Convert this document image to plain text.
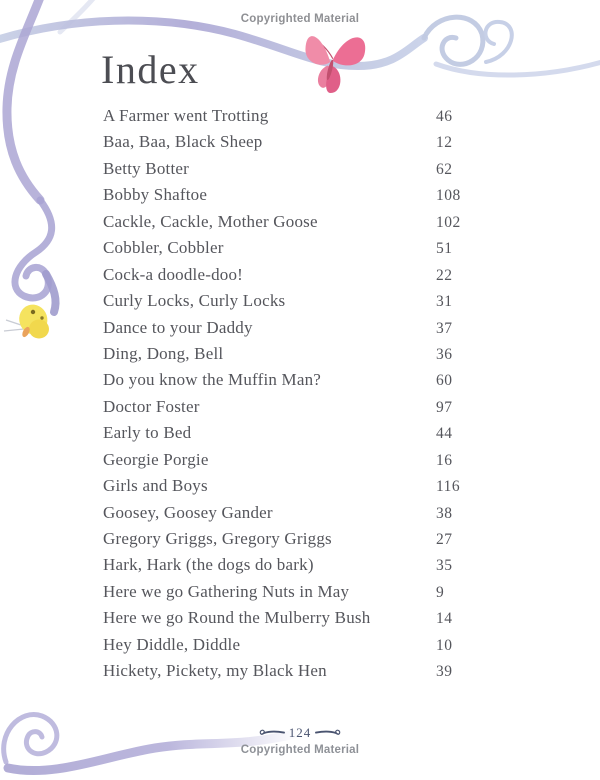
Copyrighted Material
Index
A Farmer went Trotting	46
Baa, Baa, Black Sheep	12
Betty Botter	62
Bobby Shaftoe	108
Cackle, Cackle, Mother Goose	102
Cobbler, Cobbler	51
Cock-a doodle-doo!	22
Curly Locks, Curly Locks	31
Dance to your Daddy	37
Ding, Dong, Bell	36
Do you know the Muffin Man?	60
Doctor Foster	97
Early to Bed	44
Georgie Porgie	16
Girls and Boys	116
Goosey, Goosey Gander	38
Gregory Griggs, Gregory Griggs	27
Hark, Hark (the dogs do bark)	35
Here we go Gathering Nuts in May	9
Here we go Round the Mulberry Bush	14
Hey Diddle, Diddle	10
Hickety, Pickety, my Black Hen	39
124
Copyrighted Material
